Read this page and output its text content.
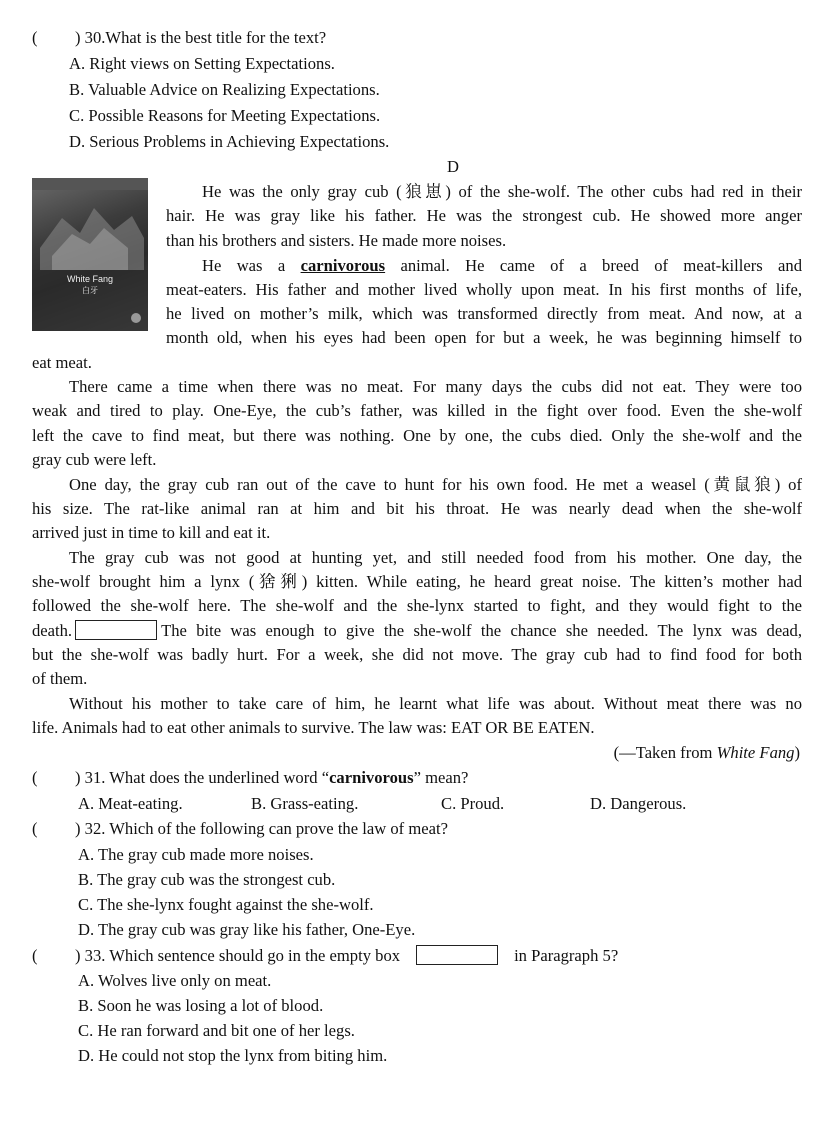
( ) 30.What is the best title for the text?
A. Right views on Setting Expectations.
B. Valuable Advice on Realizing Expectations.
C. Possible Reasons for Meeting Expectations.
D. Serious Problems in Achieving Expectations.
D
White Fang
白牙
He was the only gray cub (狼崽) of the she-wolf. The other cubs had red in their
hair. He was gray like his father. He was the strongest cub. He showed more anger
than his brothers and sisters. He made more noises.
He was a carnivorous animal. He came of a breed of meat-killers and
meat-eaters. His father and mother lived wholly upon meat. In his first months of life,
he lived on mother’s milk, which was transformed directly from meat. And now, at a
month old, when his eyes had been open for but a week, he was beginning himself to
eat meat.
There came a time when there was no meat. For many days the cubs did not eat. They were too
weak and tired to play. One-Eye, the cub’s father, was killed in the fight over food. Even the she-wolf
left the cave to find meat, but there was nothing. One by one, the cubs died. Only the she-wolf and the
gray cub were left.
One day, the gray cub ran out of the cave to hunt for his own food. He met a weasel (黄鼠狼) of
his size. The rat-like animal ran at him and bit his throat. He was nearly dead when the she-wolf
arrived just in time to kill and eat it.
The gray cub was not good at hunting yet, and still needed food from his mother. One day, the
she-wolf brought him a lynx (猞猁) kitten. While eating, he heard great noise. The kitten’s mother had
followed the she-wolf here. The she-wolf and the she-lynx started to fight, and they would fight to the
death.	The bite was enough to give the she-wolf the chance she needed. The lynx was dead,
but the she-wolf was badly hurt. For a week, she did not move. The gray cub had to find food for both
of them.
Without his mother to take care of him, he learnt what life was about. Without meat there was no
life. Animals had to eat other animals to survive. The law was: EAT OR BE EATEN.
(—Taken from White Fang)
( ) 31. What does the underlined word “carnivorous” mean?
A. Meat-eating.	B. Grass-eating.	C. Proud.	D. Dangerous.
( ) 32. Which of the following can prove the law of meat?
A. The gray cub made more noises.
B. The gray cub was the strongest cub.
C. The she-lynx fought against the she-wolf.
D. The gray cub was gray like his father, One-Eye.
( ) 33. Which sentence should go in the empty box	in Paragraph 5?
A. Wolves live only on meat.
B. Soon he was losing a lot of blood.
C. He ran forward and bit one of her legs.
D. He could not stop the lynx from biting him.
